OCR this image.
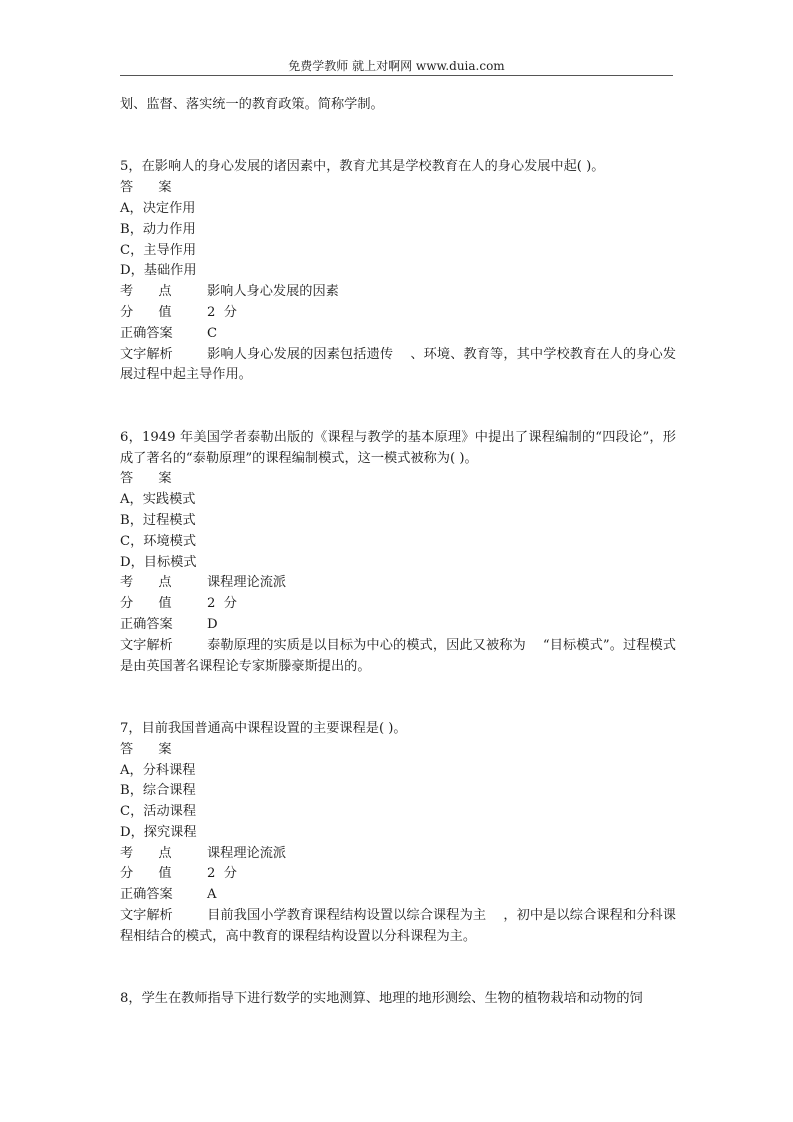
免费学教师 就上对啊网 www.duia.com
划、监督、落实统一的教育政策。简称学制。
5，在影响人的身心发展的诸因素中，教育尤其是学校教育在人的身心发展中起( )。
答      案
A，决定作用
B，动力作用
C，主导作用
D，基础作用
考      点	影响人身心发展的因素
分      值	2  分
正确答案	C
文字解析	影响人身心发展的因素包括遗传    、环境、教育等，其中学校教育在人的身心发展过程中起主导作用。
6，1949 年美国学者泰勒出版的《课程与教学的基本原理》中提出了课程编制的“四段论”，形成了著名的“泰勒原理”的课程编制模式，这一模式被称为( )。
答      案
A，实践模式
B，过程模式
C，环境模式
D，目标模式
考      点	课程理论流派
分      值	2  分
正确答案	D
文字解析	泰勒原理的实质是以目标为中心的模式，因此又被称为    “目标模式”。过程模式是由英国著名课程论专家斯滕豪斯提出的。
7，目前我国普通高中课程设置的主要课程是( )。
答      案
A，分科课程
B，综合课程
C，活动课程
D，探究课程
考      点	课程理论流派
分      值	2  分
正确答案	A
文字解析	目前我国小学教育课程结构设置以综合课程为主    ，初中是以综合课程和分科课程相结合的模式，高中教育的课程结构设置以分科课程为主。
8，学生在教师指导下进行数学的实地测算、地理的地形测绘、生物的植物栽培和动物的饲
